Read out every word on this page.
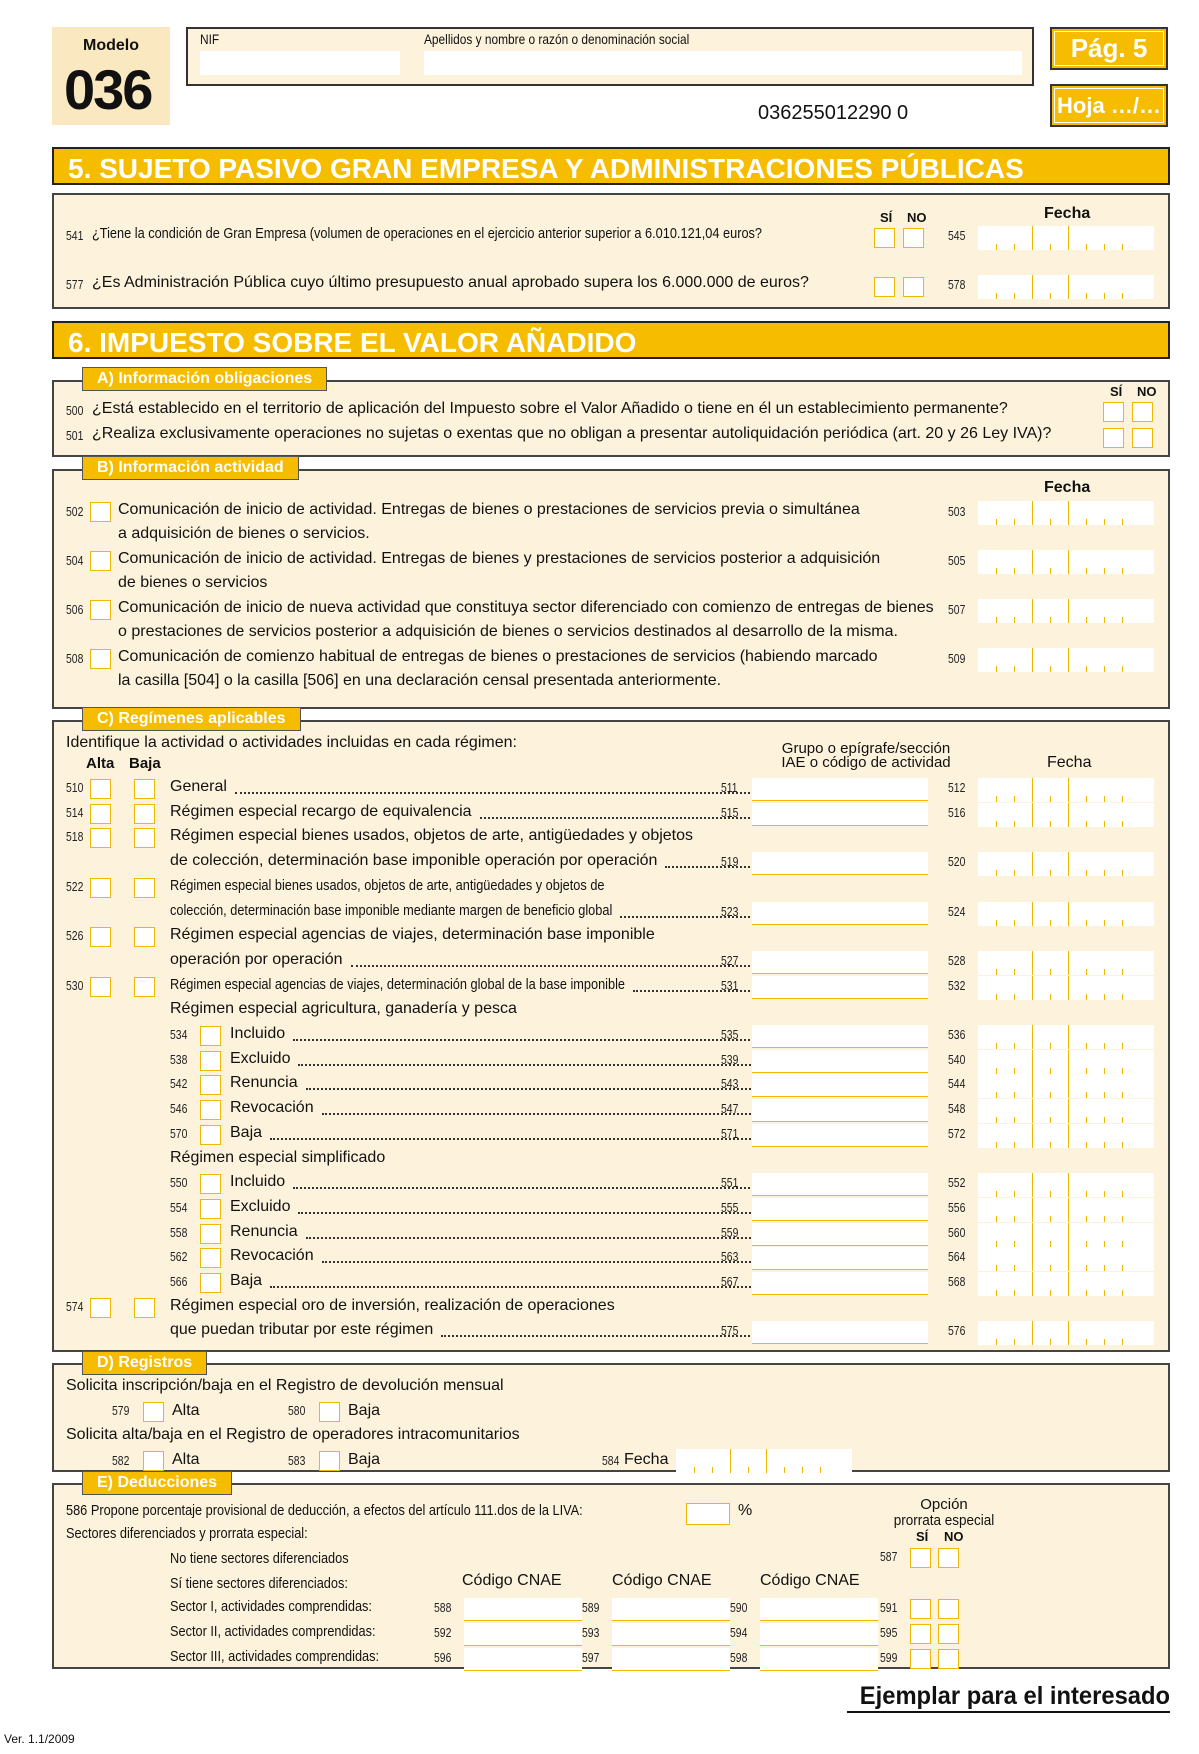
Modelo
036
NIF	Apellidos y nombre o razón o denominación social
036255012290 0
Pág. 5
Hoja …/…
5. SUJETO PASIVO GRAN EMPRESA Y ADMINISTRACIONES PÚBLICAS
SÍ NO	Fecha
541 ¿Tiene la condición de Gran Empresa (volumen de operaciones en el ejercicio anterior superior a 6.010.121,04 euros?	545
577 ¿Es Administración Pública cuyo último presupuesto anual aprobado supera los 6.000.000 de euros?	578
6. IMPUESTO SOBRE EL VALOR AÑADIDO
SÍ NO
500 ¿Está establecido en el territorio de aplicación del Impuesto sobre el Valor Añadido o tiene en él un establecimiento permanente?
501 ¿Realiza exclusivamente operaciones no sujetas o exentas que no obligan a presentar autoliquidación periódica (art. 20 y 26 Ley IVA)?
A) Información obligaciones
Fecha
502 Comunicación de inicio de actividad. Entregas de bienes o prestaciones de servicios previa o simultánea
a adquisición de bienes o servicios.
503
504 Comunicación de inicio de actividad. Entregas de bienes y prestaciones de servicios posterior a adquisición
de bienes o servicios
505
506 Comunicación de inicio de nueva actividad que constituya sector diferenciado con comienzo de entregas de bienes
o prestaciones de servicios posterior a adquisición de bienes o servicios destinados al desarrollo de la misma.
507
508 Comunicación de comienzo habitual de entregas de bienes o prestaciones de servicios (habiendo marcado
la casilla [504] o la casilla [506] en una declaración censal presentada anteriormente.
509
B) Información actividad
Identifique la actividad o actividades incluidas en cada régimen:
Alta Baja
Grupo o epígrafe/sección
IAE o código de actividad	Fecha
510	General	511	512
514	Régimen especial recargo de equivalencia	515	516
518	Régimen especial bienes usados, objetos de arte, antigüedades y objetos
de colección, determinación base imponible operación por operación	519	520
522	Régimen especial bienes usados, objetos de arte, antigüedades y objetos de
colección, determinación base imponible mediante margen de beneficio global	523	524
526	Régimen especial agencias de viajes, determinación base imponible
operación por operación	527	528
530	Régimen especial agencias de viajes, determinación global de la base imponible	531	532
Régimen especial agricultura, ganadería y pesca
534	Incluido	535	536
538	Excluido	539	540
542	Renuncia	543	544
546	Revocación	547	548
570	Baja	571	572
Régimen especial simplificado
550	Incluido	551	552
554	Excluido	555	556
558	Renuncia	559	560
562	Revocación	563	564
566	Baja	567	568
574	Régimen especial oro de inversión, realización de operaciones
que puedan tributar por este régimen	575	576
C) Regímenes aplicables
Solicita inscripción/baja en el Registro de devolución mensual
579	Alta	580	Baja
Solicita alta/baja en el Registro de operadores intracomunitarios
582	Alta	583	Baja	584 Fecha
D) Registros
586 Propone porcentaje provisional de deducción, a efectos del artículo 111.dos de la LIVA:	%	Opción
prorrata especial
SÍ NO
Sectores diferenciados y prorrata especial:
No tiene sectores diferenciados	587
Sí tiene sectores diferenciados:	Código CNAE	Código CNAE	Código CNAE
Sector I, actividades comprendidas:	588	589	590	591
Sector II, actividades comprendidas:	592	593	594	595
Sector III, actividades comprendidas:	596	597	598	599
E) Deducciones
Ejemplar para el interesado
Ver. 1.1/2009
